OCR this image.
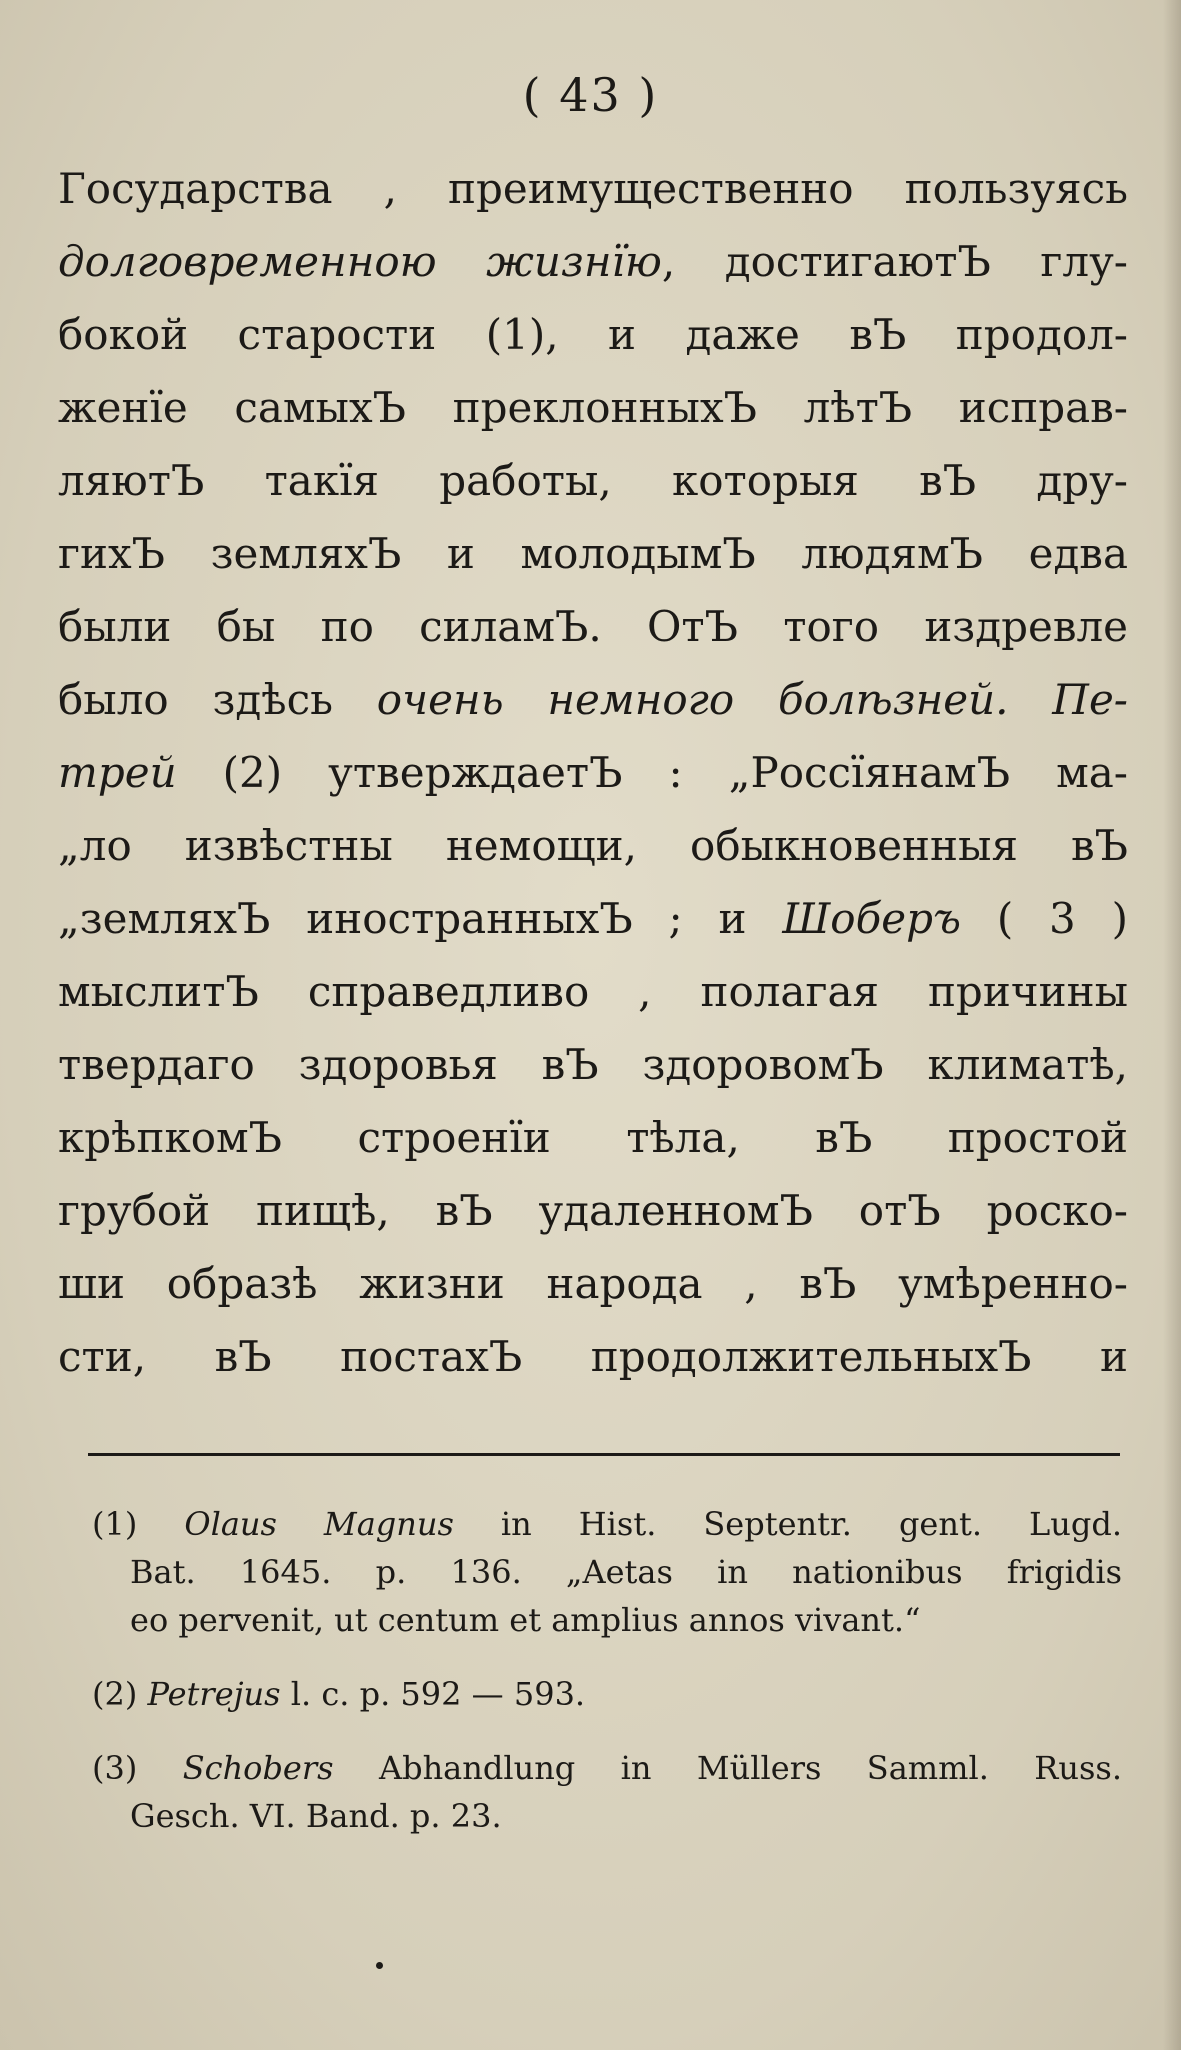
( 43 )
Государства , преимущественно пользуясь
долговременною жизнїю, достигаютЪ глу-
бокой старости (1), и даже вЪ продол-
женїе самыхЪ преклонныхЪ лѣтЪ исправ-
ляютЪ такїя работы, которыя вЪ дру-
гихЪ земляхЪ и молодымЪ людямЪ едва
были бы по силамЪ. ОтЪ того издревле
было здѣсь очень немного болѣзней. Пе-
трей (2) утверждаетЪ : „РоссїянамЪ ма-
„ло извѣстны немощи, обыкновенныя вЪ
„земляхЪ иностранныхЪ ; и Шоберъ ( 3 )
мыслитЪ справедливо , полагая причины
твердаго здоровья вЪ здоровомЪ климатѣ,
крѣпкомЪ строенїи тѣла, вЪ простой
грубой пищѣ, вЪ удаленномЪ отЪ роско-
ши образѣ жизни народа , вЪ умѣренно-
сти, вЪ постахЪ продолжительныхЪ и
(1) Olaus Magnus in Hist. Septentr. gent. Lugd.
Bat. 1645. p. 136. „Aetas in nationibus frigidis
eo pervenit, ut centum et amplius annos vivant.“
(2) Petrejus l. c. p. 592 — 593.
(3) Schobers Abhandlung in Müllers Samml. Russ.
Gesch. VI. Band. p. 23.
